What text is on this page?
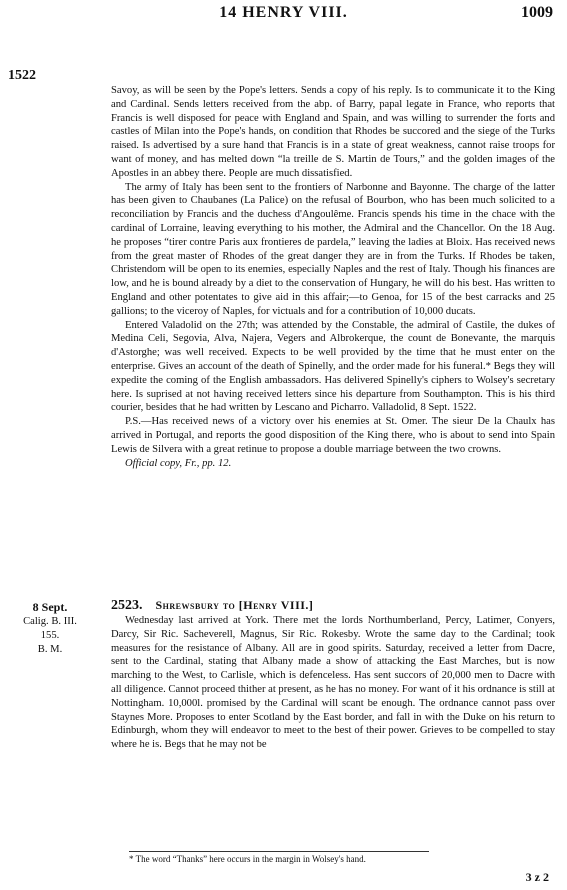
14 HENRY VIII.	1009
1522

Savoy, as will be seen by the Pope's letters. Sends a copy of his reply. Is to communicate it to the King and Cardinal. Sends letters received from the abp. of Barry, papal legate in France, who reports that Francis is well disposed for peace with England and Spain, and was willing to surrender the forts and castles of Milan into the Pope's hands, on condition that Rhodes be succored and the siege of the Turks raised. Is advertised by a sure hand that Francis is in a state of great weakness, cannot raise troops for want of money, and has melted down “la treille de S. Martin de Tours,” and the golden images of the Apostles in an abbey there. People are much dissatisfied.

The army of Italy has been sent to the frontiers of Narbonne and Bayonne. The charge of the latter has been given to Chaubanes (La Palice) on the refusal of Bourbon, who has been much solicited to a reconciliation by Francis and the duchess d'Angoulême. Francis spends his time in the chace with the cardinal of Lorraine, leaving everything to his mother, the Admiral and the Chancellor. On the 18 Aug. he proposes “tirer contre Paris aux frontieres de pardela,” leaving the ladies at Bloix. Has received news from the great master of Rhodes of the great danger they are in from the Turks. If Rhodes be taken, Christendom will be open to its enemies, especially Naples and the rest of Italy. Though his finances are low, and he is bound already by a diet to the conservation of Hungary, he will do his best. Has written to England and other potentates to give aid in this affair;—to Genoa, for 15 of the best carracks and 25 gallions; to the viceroy of Naples, for victuals and for a contribution of 10,000 ducats.

Entered Valadolid on the 27th; was attended by the Constable, the admiral of Castile, the dukes of Medina Celi, Segovia, Alva, Najera, Vegers and Albrokerque, the count de Bonevante, the marquis d'Astorghe; was well received. Expects to be well provided by the time that he must enter on the enterprise. Gives an account of the death of Spinelly, and the order made for his funeral.* Begs they will expedite the coming of the English ambassadors. Has delivered Spinelly's ciphers to Wolsey's secretary here. Is suprised at not having received letters since his departure from Southampton. This is his third courier, besides that he had written by Lescano and Picharro. Valladolid, 8 Sept. 1522.

P.S.—Has received news of a victory over his enemies at St. Omer. The sieur De la Chaulx has arrived in Portugal, and reports the good disposition of the King there, who is about to send into Spain Lewis de Silvera with a great retinue to propose a double marriage between the two crowns.

Official copy, Fr., pp. 12.

8 Sept.
Calig. B. III.
155.
B. M.
2523. Shrewsbury to [Henry VIII.]

Wednesday last arrived at York. There met the lords Northumberland, Percy, Latimer, Conyers, Darcy, Sir Ric. Sacheverell, Magnus, Sir Ric. Rokesby. Wrote the same day to the Cardinal; took measures for the resistance of Albany. All are in good spirits. Saturday, received a letter from Dacre, sent to the Cardinal, stating that Albany made a show of attacking the East Marches, but is now marching to the West, to Carlisle, which is defenceless. Has sent succors of 20,000 men to Dacre with all diligence. Cannot proceed thither at present, as he has no money. For want of it his ordnance is still at Nottingham. 10,000l. promised by the Cardinal will scant be enough. The ordnance cannot pass over Staynes More. Proposes to enter Scotland by the East border, and fall in with the Duke on his return to Edinburgh, whom they will endeavor to meet to the best of their power. Grieves to be compelled to stay where he is. Begs that he may not be

* The word “Thanks” here occurs in the margin in Wolsey's hand.
3 z 2
